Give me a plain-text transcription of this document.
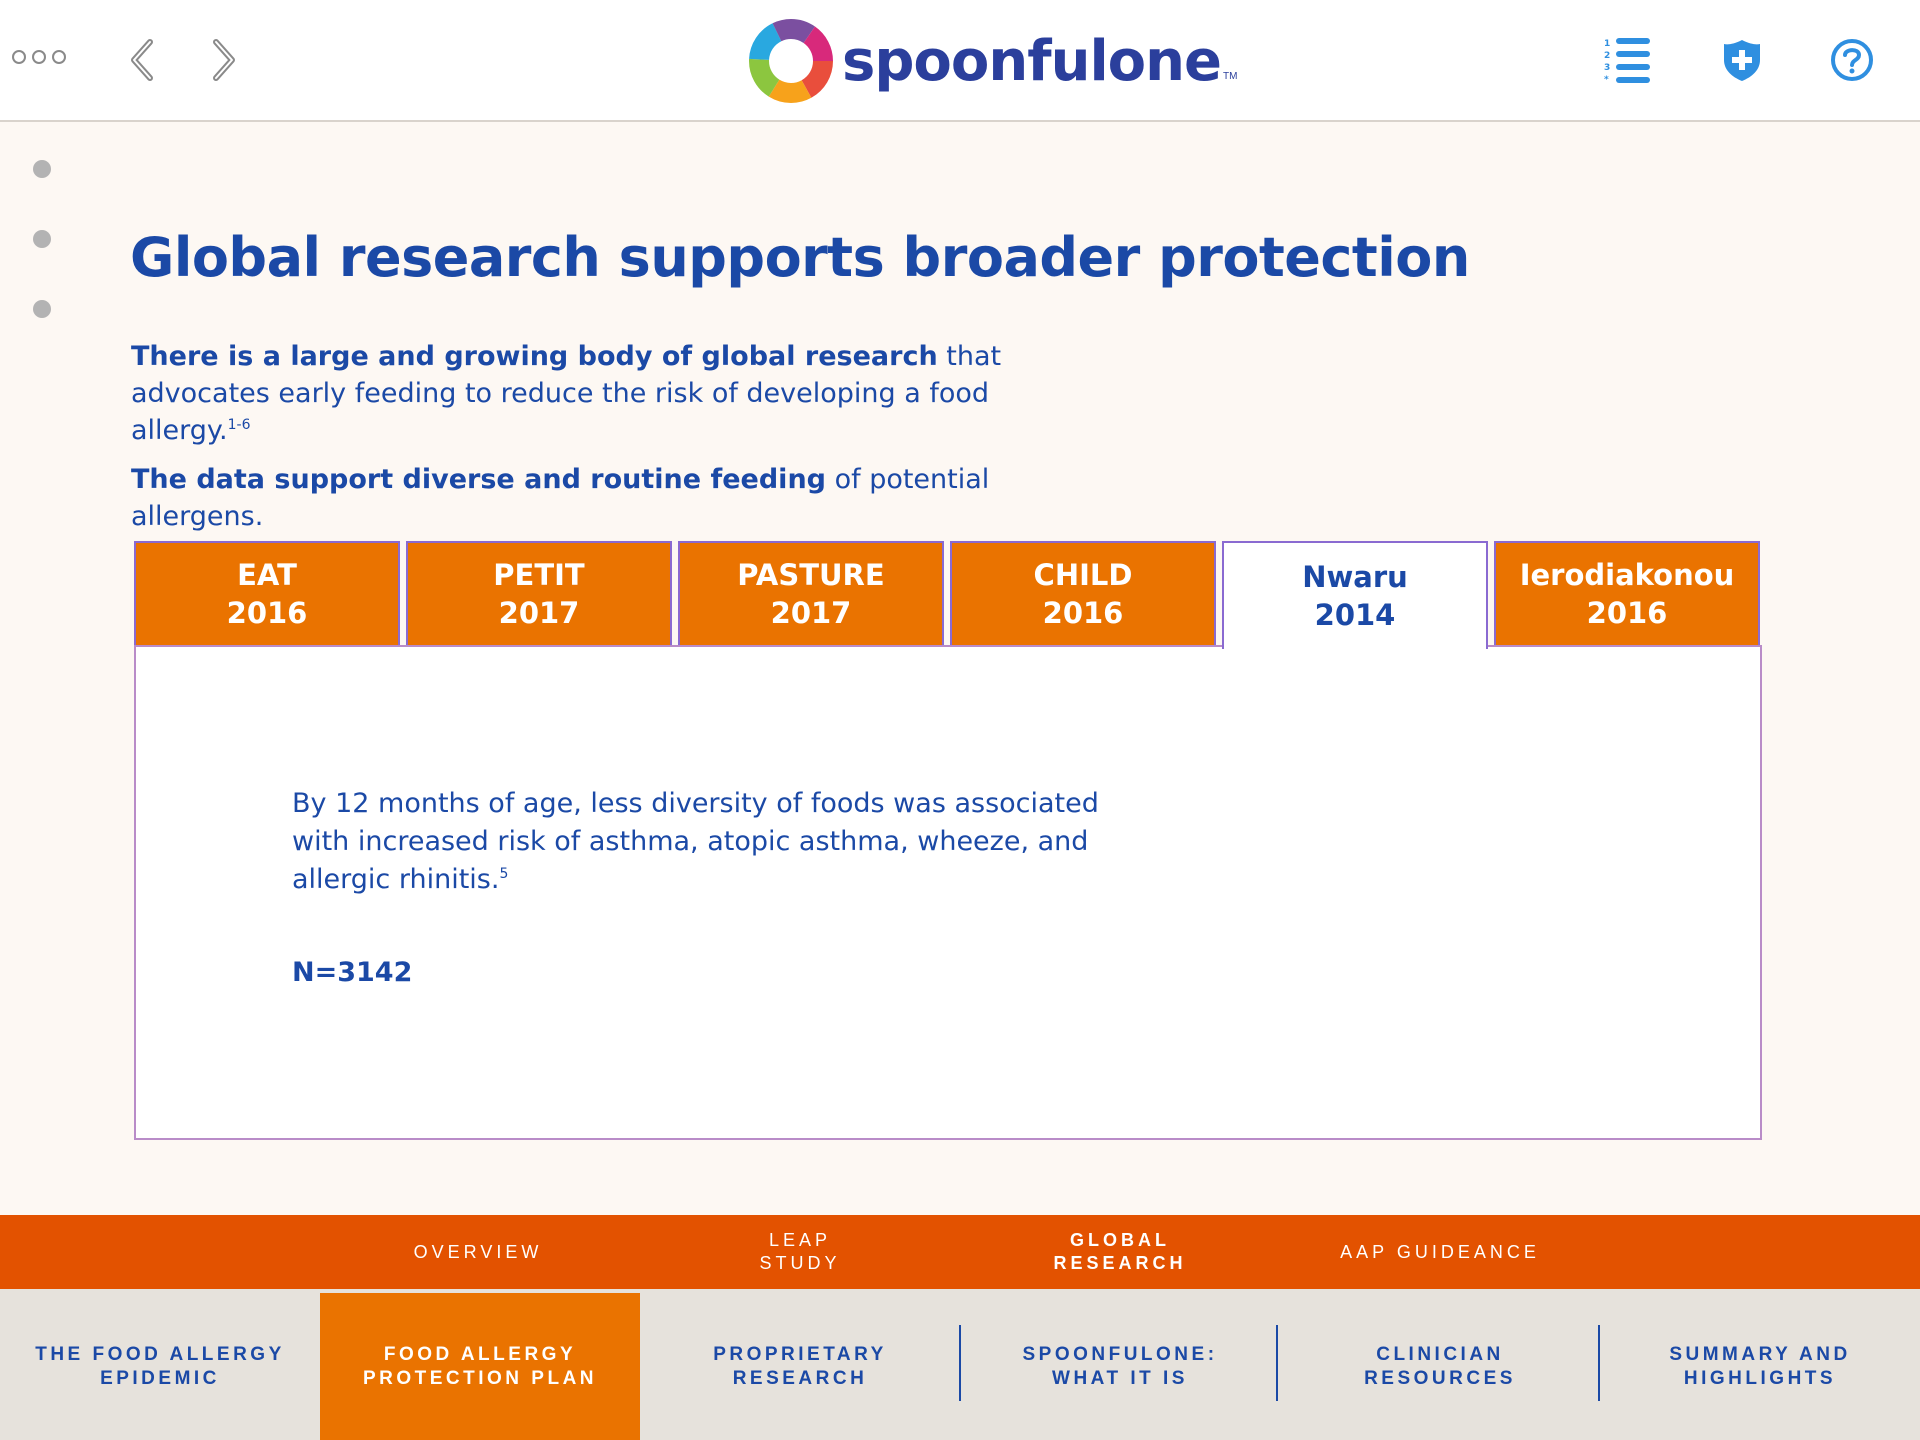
spoonfulone TM
1
2
3
*
Global research supports broader protection

There is a large and growing body of global research that advocates early feeding to reduce the risk of developing a food allergy.$^{1-6}$

The data support diverse and routine feeding of potential allergens.

EAT
2016
PETIT
2017
PASTURE
2017
CHILD
2016
Nwaru
2014
Ierodiakonou
2016

By 12 months of age, less diversity of foods was associated with increased risk of asthma, atopic asthma, wheeze, and allergic rhinitis.$^5$

N=3142

OVERVIEW
LEAP
STUDY
GLOBAL
RESEARCH
AAP GUIDEANCE
THE FOOD ALLERGY
EPIDEMIC
FOOD ALLERGY
PROTECTION PLAN
PROPRIETARY
RESEARCH
SPOONFULONE:
WHAT IT IS
CLINICIAN
RESOURCES
SUMMARY AND
HIGHLIGHTS
